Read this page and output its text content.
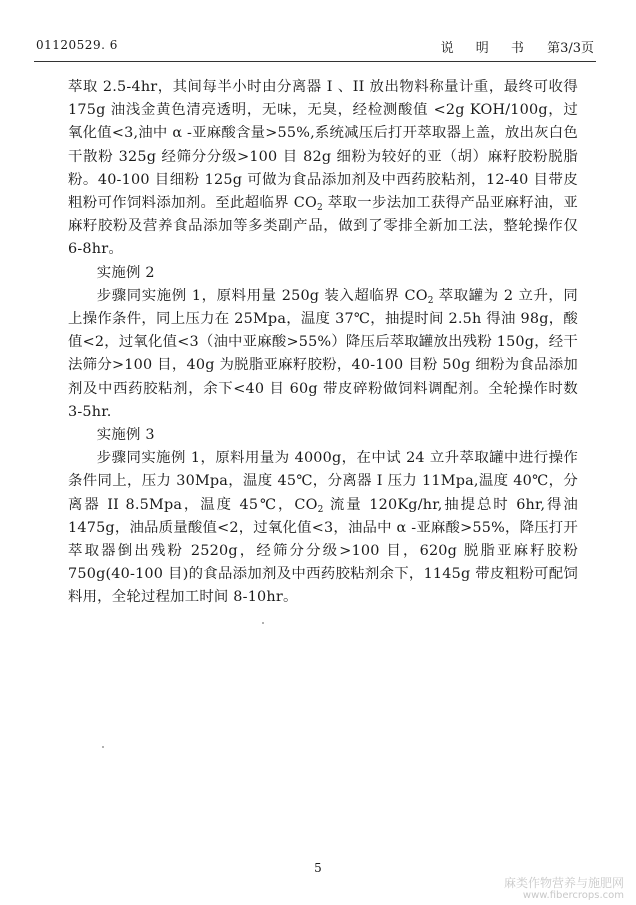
01120529. 6	说 明 书 第3/3页

萃取 2.5-4hr，其间每半小时由分离器 I 、II 放出物料称量计重，最终可收得 175g 油浅金黄色清亮透明，无味，无臭，经检测酸值 <2g KOH/100g，过氧化值<3,油中 α -亚麻酸含量>55%,系统减压后打开萃取器上盖，放出灰白色干散粉 325g 经筛分分级>100 目 82g 细粉为较好的亚（胡）麻籽胶粉脱脂粉。40-100 目细粉 125g 可做为食品添加剂及中西药胶粘剂，12-40 目带皮粗粉可作饲料添加剂。至此超临界 $CO_2$ 萃取一步法加工获得产品亚麻籽油，亚麻籽胶粉及营养食品添加等多类副产品，做到了零排全新加工法，整轮操作仅 6-8hr。

实施例 2

步骤同实施例 1，原料用量 250g 装入超临界 $CO_2$ 萃取罐为 2 立升，同上操作条件，同上压力在 25Mpa，温度 37℃，抽提时间 2.5h 得油 98g，酸值<2，过氧化值<3（油中亚麻酸>55%）降压后萃取罐放出残粉 150g，经干法筛分>100 目，40g 为脱脂亚麻籽胶粉，40-100 目粉 50g 细粉为食品添加剂及中西药胶粘剂，余下<40 目 60g 带皮碎粉做饲料调配剂。全轮操作时数 3-5hr.

实施例 3

步骤同实施例 1，原料用量为 4000g，在中试 24 立升萃取罐中进行操作条件同上，压力 30Mpa，温度 45℃，分离器 I 压力 11Mpa,温度 40℃，分离器 II 8.5Mpa，温度 45℃，$CO_2$ 流量 120Kg/hr,抽提总时 6hr,得油 1475g，油品质量酸值<2，过氧化值<3，油品中 α -亚麻酸>55%，降压打开萃取器倒出残粉 2520g，经筛分分级>100 目，620g 脱脂亚麻籽胶粉 750g(40-100 目)的食品添加剂及中西药胶粘剂余下，1145g 带皮粗粉可配饲料用，全轮过程加工时间 8-10hr。

5
麻类作物营养与施肥网
www.fibercrops.com
